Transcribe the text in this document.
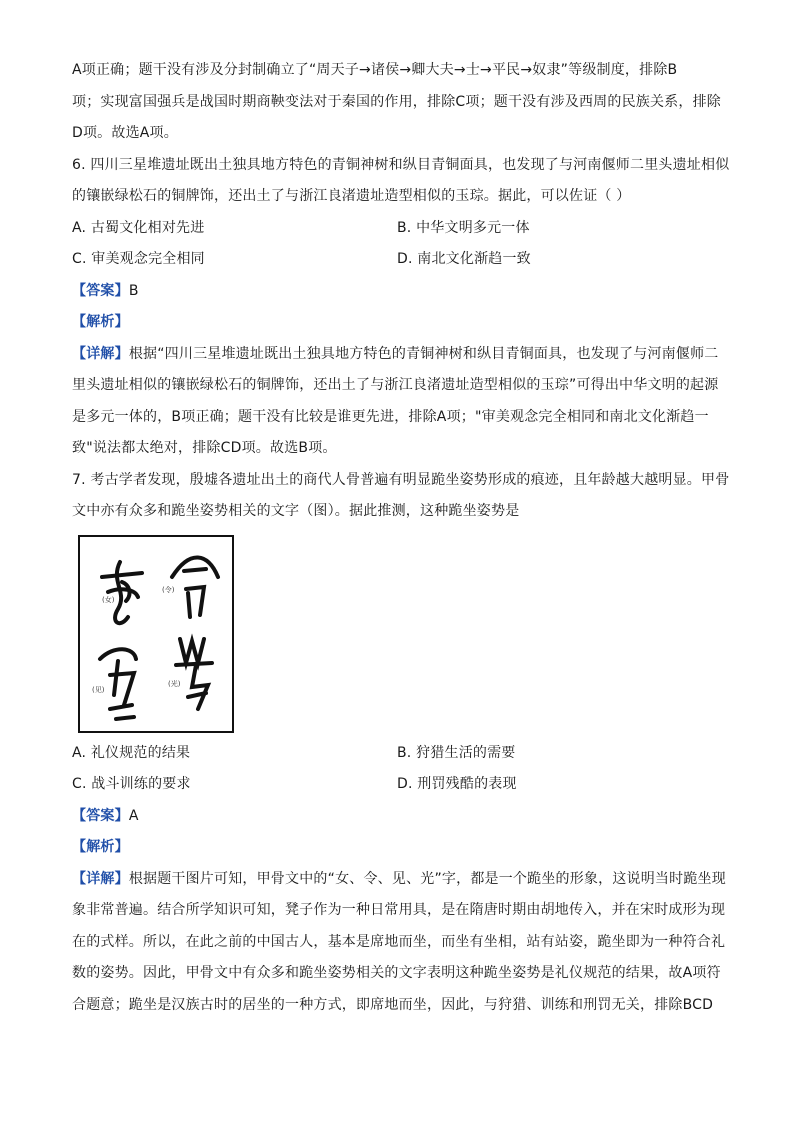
A项正确；题干没有涉及分封制确立了“周天子→诸侯→卿大夫→士→平民→奴隶”等级制度，排除B
项；实现富国强兵是战国时期商鞅变法对于秦国的作用，排除C项；题干没有涉及西周的民族关系，排除
D项。故选A项。
6. 四川三星堆遗址既出土独具地方特色的青铜神树和纵目青铜面具，也发现了与河南偃师二里头遗址相似
的镶嵌绿松石的铜牌饰，还出土了与浙江良渚遗址造型相似的玉琮。据此，可以佐证（ ）
A. 古蜀文化相对先进	B. 中华文明多元一体
C. 审美观念完全相同	D. 南北文化渐趋一致
【答案】B
【解析】
【详解】根据“四川三星堆遗址既出土独具地方特色的青铜神树和纵目青铜面具，也发现了与河南偃师二
里头遗址相似的镶嵌绿松石的铜牌饰，还出土了与浙江良渚遗址造型相似的玉琮”可得出中华文明的起源
是多元一体的，B项正确；题干没有比较是谁更先进，排除A项；"审美观念完全相同和南北文化渐趋一
致"说法都太绝对，排除CD项。故选B项。
7. 考古学者发现，殷墟各遗址出土的商代人骨普遍有明显跪坐姿势形成的痕迹，且年龄越大越明显。甲骨
文中亦有众多和跪坐姿势相关的文字（图）。据此推测，这种跪坐姿势是
(女)
(令)
(见)
(光)
A. 礼仪规范的结果	B. 狩猎生活的需要
C. 战斗训练的要求	D. 刑罚残酷的表现
【答案】A
【解析】
【详解】根据题干图片可知，甲骨文中的“女、令、见、光”字，都是一个跪坐的形象，这说明当时跪坐现
象非常普遍。结合所学知识可知，凳子作为一种日常用具，是在隋唐时期由胡地传入，并在宋时成形为现
在的式样。所以，在此之前的中国古人，基本是席地而坐，而坐有坐相，站有站姿，跪坐即为一种符合礼
数的姿势。因此，甲骨文中有众多和跪坐姿势相关的文字表明这种跪坐姿势是礼仪规范的结果，故A项符
合题意；跪坐是汉族古时的居坐的一种方式，即席地而坐，因此，与狩猎、训练和刑罚无关，排除BCD
